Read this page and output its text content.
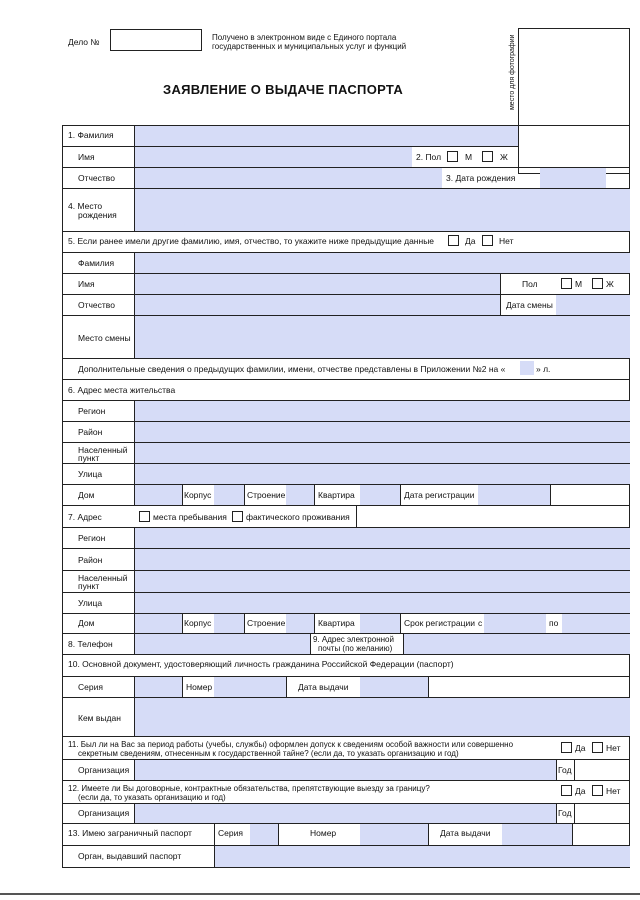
Дело №	Получено в электронном виде с Единого портала
государственных и муниципальных услуг и функций
ЗАЯВЛЕНИЕ О ВЫДАЧЕ ПАСПОРТА	место для фотографии
1. Фамилия
Имя	2. Пол	М	Ж
Отчество	3. Дата рождения
4. Место
рождения
5. Если ранее имели другие фамилию, имя, отчество, то укажите ниже предыдущие данные	Да	Нет
Фамилия
Имя	Пол	М	Ж
Отчество	Дата смены
Место смены
Дополнительные сведения о предыдущих фамилии, имени, отчестве представлены в Приложении №2 на «	» л.
6. Адрес места жительства
Регион
Район
Населенный
пункт
Улица
Дом	Корпус	Строение	Квартира	Дата регистрации
7. Адрес	места пребывания фактического проживания
Регион
Район
Населенный
пункт
Улица
Дом	Корпус	Строение	Квартира	Срок регистрации с	по
8. Телефон	9. Адрес электронной
почты (по желанию)
10. Основной документ, удостоверяющий личность гражданина Российской Федерации (паспорт)
Серия	Номер	Дата выдачи
Кем выдан
11. Был ли на Вас за период работы (учебы, службы) оформлен допуск к сведениям особой важности или совершенно
секретным сведениям, отнесенным к государственной тайне? (если да, то указать организацию и год)
Да Нет
Организация	Год
12. Имеете ли Вы договорные, контрактные обязательства, препятствующие выезду за границу?
(если да, то указать организацию и год)
Да Нет
Организация	Год
13. Имею заграничный паспорт	Серия	Номер	Дата выдачи
Орган, выдавший паспорт
